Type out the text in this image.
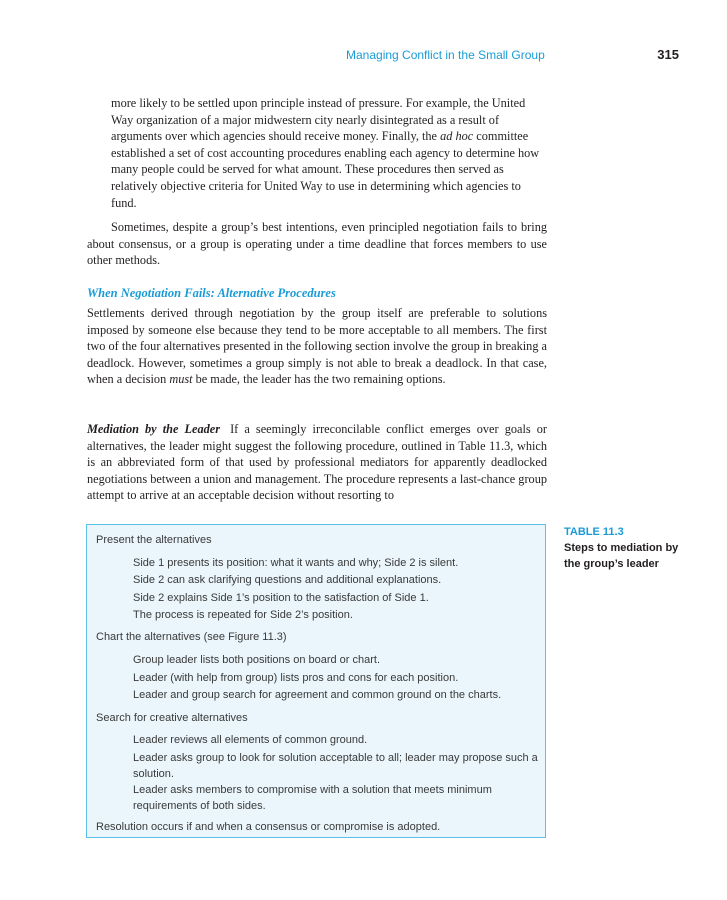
Managing Conflict in the Small Group	315

more likely to be settled upon principle instead of pressure. For example, the United Way organization of a major midwestern city nearly disintegrated as a result of arguments over which agencies should receive money. Finally, the ad hoc committee established a set of cost accounting procedures enabling each agency to determine how many people could be served for what amount. These procedures then served as relatively objective criteria for United Way to use in determining which agencies to fund.

Sometimes, despite a group’s best intentions, even principled negotiation fails to bring about consensus, or a group is operating under a time deadline that forces members to use other methods.

When Negotiation Fails: Alternative Procedures

Settlements derived through negotiation by the group itself are preferable to solutions imposed by someone else because they tend to be more acceptable to all members. The first two of the four alternatives presented in the following section involve the group in breaking a deadlock. However, sometimes a group simply is not able to break a deadlock. In that case, when a decision must be made, the leader has the two remaining options.

Mediation by the Leader If a seemingly irreconcilable conflict emerges over goals or alternatives, the leader might suggest the following procedure, outlined in Table 11.3, which is an abbreviated form of that used by professional mediators for apparently deadlocked negotiations between a union and management. The procedure represents a last-chance group attempt to arrive at an acceptable decision without resorting to

Present the alternatives
Side 1 presents its position: what it wants and why; Side 2 is silent.
Side 2 can ask clarifying questions and additional explanations.
Side 2 explains Side 1’s position to the satisfaction of Side 1.
The process is repeated for Side 2’s position.
Chart the alternatives (see Figure 11.3)
Group leader lists both positions on board or chart.
Leader (with help from group) lists pros and cons for each position.
Leader and group search for agreement and common ground on the charts.
Search for creative alternatives
Leader reviews all elements of common ground.
Leader asks group to look for solution acceptable to all; leader may propose such a solution.
Leader asks members to compromise with a solution that meets minimum requirements of both sides.
Resolution occurs if and when a consensus or compromise is adopted.
TABLE 11.3
Steps to mediation by the group’s leader
